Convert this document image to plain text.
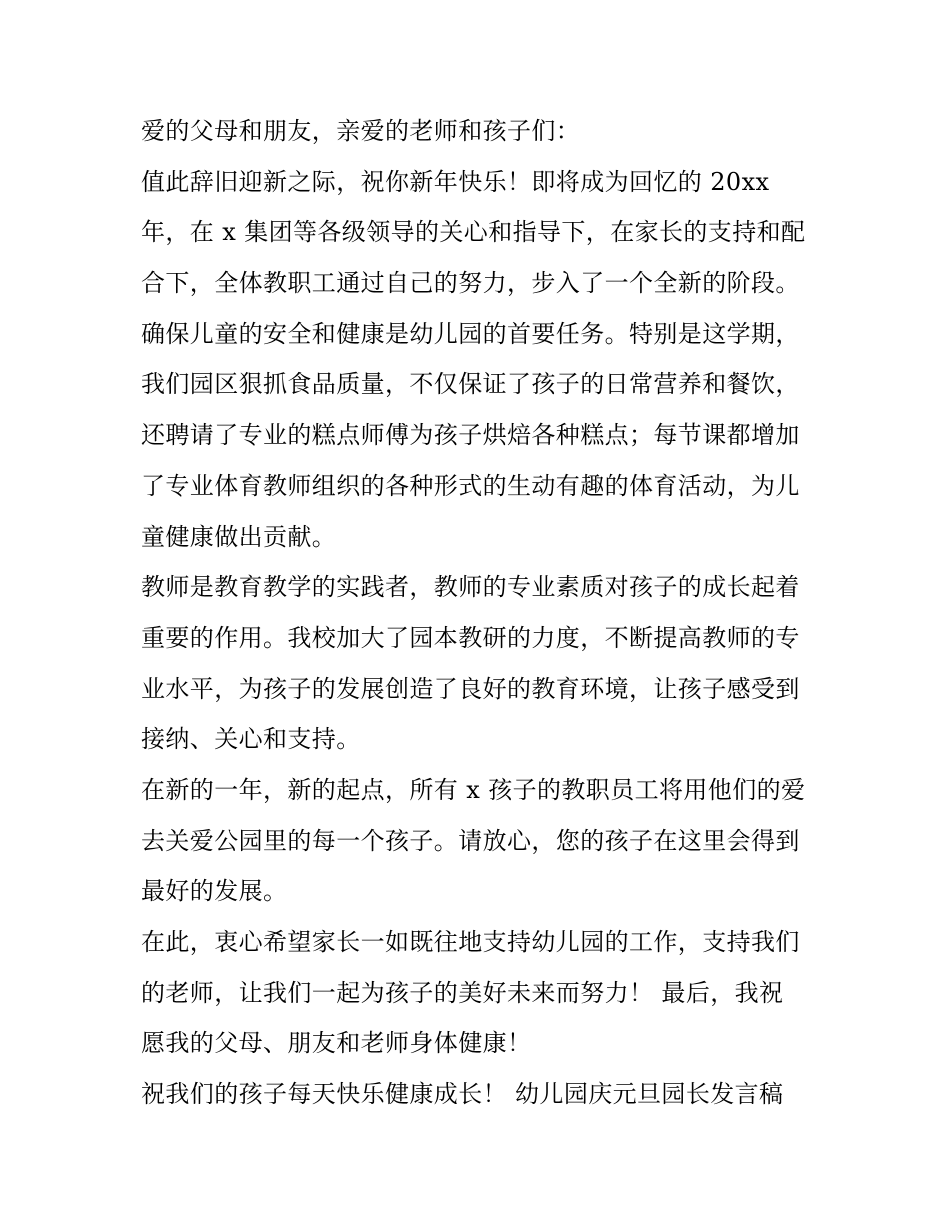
爱的父母和朋友，亲爱的老师和孩子们：
值此辞旧迎新之际，祝你新年快乐！即将成为回忆的 20xx
年，在 x 集团等各级领导的关心和指导下，在家长的支持和配
合下，全体教职工通过自己的努力，步入了一个全新的阶段。
确保儿童的安全和健康是幼儿园的首要任务。特别是这学期，
我们园区狠抓食品质量，不仅保证了孩子的日常营养和餐饮，
还聘请了专业的糕点师傅为孩子烘焙各种糕点；每节课都增加
了专业体育教师组织的各种形式的生动有趣的体育活动，为儿
童健康做出贡献。
教师是教育教学的实践者，教师的专业素质对孩子的成长起着
重要的作用。我校加大了园本教研的力度，不断提高教师的专
业水平，为孩子的发展创造了良好的教育环境，让孩子感受到
接纳、关心和支持。
在新的一年，新的起点，所有 x 孩子的教职员工将用他们的爱
去关爱公园里的每一个孩子。请放心，您的孩子在这里会得到
最好的发展。
在此，衷心希望家长一如既往地支持幼儿园的工作，支持我们
的老师，让我们一起为孩子的美好未来而努力！ 最后，我祝
愿我的父母、朋友和老师身体健康！
祝我们的孩子每天快乐健康成长！ 幼儿园庆元旦园长发言稿
